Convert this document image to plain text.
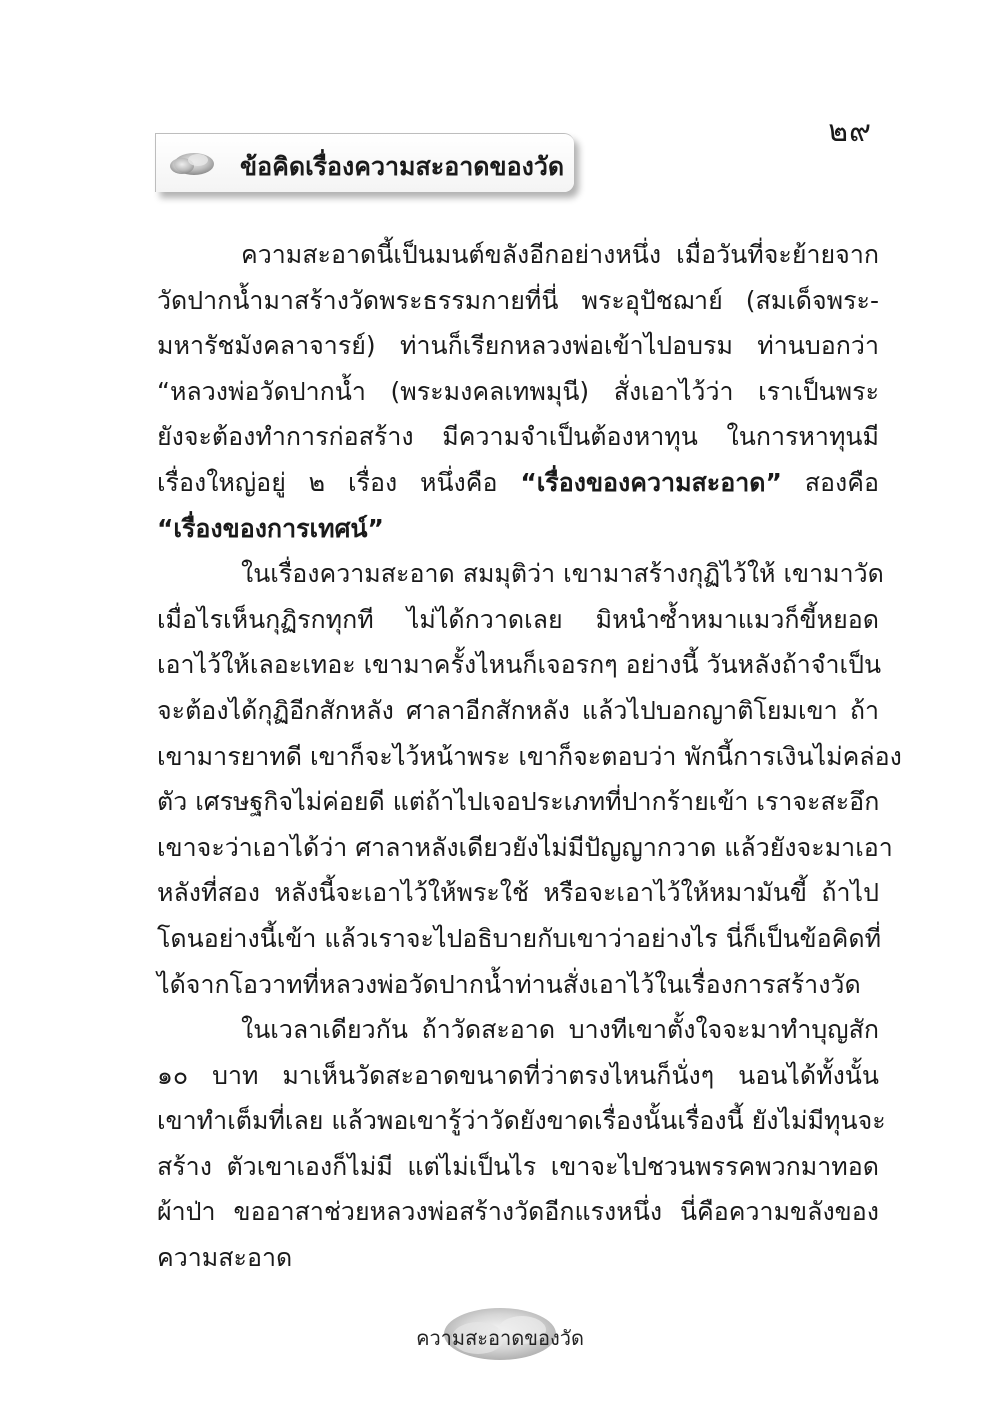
๒๙
ข้อคิดเรื่องความสะอาดของวัด

ความสะอาดนี้เป็นมนต์ขลังอีกอย่างหนึ่ง เมื่อวันที่จะย้ายจาก
วัดปากน้ำมาสร้างวัดพระธรรมกายที่นี่ พระอุปัชฌาย์ (สมเด็จพระ-
มหารัชมังคลาจารย์) ท่านก็เรียกหลวงพ่อเข้าไปอบรม ท่านบอกว่า
“หลวงพ่อวัดปากน้ำ (พระมงคลเทพมุนี) สั่งเอาไว้ว่า เราเป็นพระ
ยังจะต้องทำการก่อสร้าง มีความจำเป็นต้องหาทุน ในการหาทุนมี
เรื่องใหญ่อยู่ ๒ เรื่อง หนึ่งคือ “เรื่องของความสะอาด” สองคือ
“เรื่องของการเทศน์”

ในเรื่องความสะอาด สมมุติว่า เขามาสร้างกุฏิไว้ให้ เขามาวัด
เมื่อไรเห็นกุฏิรกทุกที ไม่ได้กวาดเลย มิหนำซ้ำหมาแมวก็ขี้หยอด
เอาไว้ให้เลอะเทอะ เขามาครั้งไหนก็เจอรกๆ อย่างนี้ วันหลังถ้าจำเป็น
จะต้องได้กุฏิอีกสักหลัง ศาลาอีกสักหลัง แล้วไปบอกญาติโยมเขา ถ้า
เขามารยาทดี เขาก็จะไว้หน้าพระ เขาก็จะตอบว่า พักนี้การเงินไม่คล่อง
ตัว เศรษฐกิจไม่ค่อยดี แต่ถ้าไปเจอประเภทที่ปากร้ายเข้า เราจะสะอึก
เขาจะว่าเอาได้ว่า ศาลาหลังเดียวยังไม่มีปัญญากวาด แล้วยังจะมาเอา
หลังที่สอง หลังนี้จะเอาไว้ให้พระใช้ หรือจะเอาไว้ให้หมามันขี้ ถ้าไป
โดนอย่างนี้เข้า แล้วเราจะไปอธิบายกับเขาว่าอย่างไร นี่ก็เป็นข้อคิดที่
ได้จากโอวาทที่หลวงพ่อวัดปากน้ำท่านสั่งเอาไว้ในเรื่องการสร้างวัด

ในเวลาเดียวกัน ถ้าวัดสะอาด บางทีเขาตั้งใจจะมาทำบุญสัก
๑๐ บาท มาเห็นวัดสะอาดขนาดที่ว่าตรงไหนก็นั่งๆ นอนได้ทั้งนั้น
เขาทำเต็มที่เลย แล้วพอเขารู้ว่าวัดยังขาดเรื่องนั้นเรื่องนี้ ยังไม่มีทุนจะ
สร้าง ตัวเขาเองก็ไม่มี แต่ไม่เป็นไร เขาจะไปชวนพรรคพวกมาทอด
ผ้าป่า ขออาสาช่วยหลวงพ่อสร้างวัดอีกแรงหนึ่ง นี่คือความขลังของ
ความสะอาด

ความสะอาดของวัด
